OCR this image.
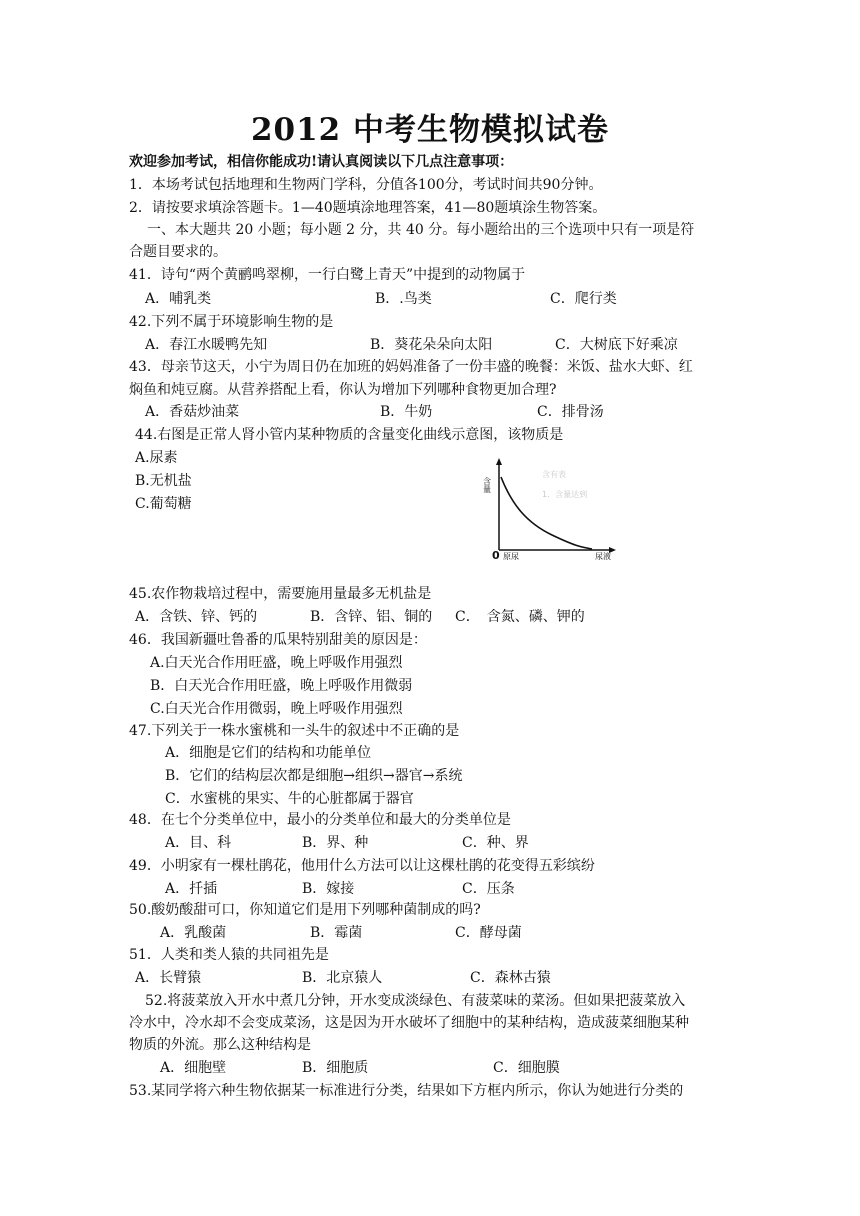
2012 中考生物模拟试卷
欢迎参加考试，相信你能成功!请认真阅读以下几点注意事项：
1．本场考试包括地理和生物两门学科，分值各100分，考试时间共90分钟。
2．请按要求填涂答题卡。1—40题填涂地理答案，41—80题填涂生物答案。
一、本大题共 20 小题；每小题 2 分，共 40 分。每小题给出的三个选项中只有一项是符
合题目要求的。
41．诗句“两个黄鹂鸣翠柳，一行白鹭上青天”中提到的动物属于
A．哺乳类	B．.鸟类	C．爬行类
42.下列不属于环境影响生物的是
A．春江水暖鸭先知	B．葵花朵朵向太阳	C．大树底下好乘凉
43．母亲节这天，小宁为周日仍在加班的妈妈准备了一份丰盛的晚餐：米饭、盐水大虾、红
焖鱼和炖豆腐。从营养搭配上看，你认为增加下列哪种食物更加合理?
A．香菇炒油菜	B．牛奶	C．排骨汤
44.右图是正常人肾小管内某种物质的含量变化曲线示意图，该物质是
A.尿素
B.无机盐
C.葡萄糖
含有表
1．含量达到
含量
0 原尿	尿液
45.农作物栽培过程中，需要施用量最多无机盐是
A．含铁、锌、钙的	B．含锌、铝、铜的 C．　含氮、磷、钾的
46．我国新疆吐鲁番的瓜果特别甜美的原因是：
A.白天光合作用旺盛，晚上呼吸作用强烈
B．白天光合作用旺盛，晚上呼吸作用微弱
C.白天光合作用微弱，晚上呼吸作用强烈
47.下列关于一株水蜜桃和一头牛的叙述中不正确的是
A．细胞是它们的结构和功能单位
B．它们的结构层次都是细胞→组织→器官→系统
C．水蜜桃的果实、牛的心脏都属于器官
48．在七个分类单位中，最小的分类单位和最大的分类单位是
A．目、科	B．界、种	C．种、界
49．小明家有一棵杜鹃花，他用什么方法可以让这棵杜鹃的花变得五彩缤纷
A．扦插	B．嫁接	C．压条
50.酸奶酸甜可口，你知道它们是用下列哪种菌制成的吗?
A．乳酸菌	B．霉菌	C．酵母菌
51．人类和类人猿的共同祖先是
A．长臂猿	B．北京猿人	C．森林古猿
52.将菠菜放入开水中煮几分钟，开水变成淡绿色、有菠菜味的菜汤。但如果把菠菜放入
冷水中，冷水却不会变成菜汤，这是因为开水破坏了细胞中的某种结构，造成菠菜细胞某种
物质的外流。那么这种结构是
A．细胞壁	B．细胞质	C．细胞膜
53.某同学将六种生物依据某一标准进行分类，结果如下方框内所示，你认为她进行分类的
